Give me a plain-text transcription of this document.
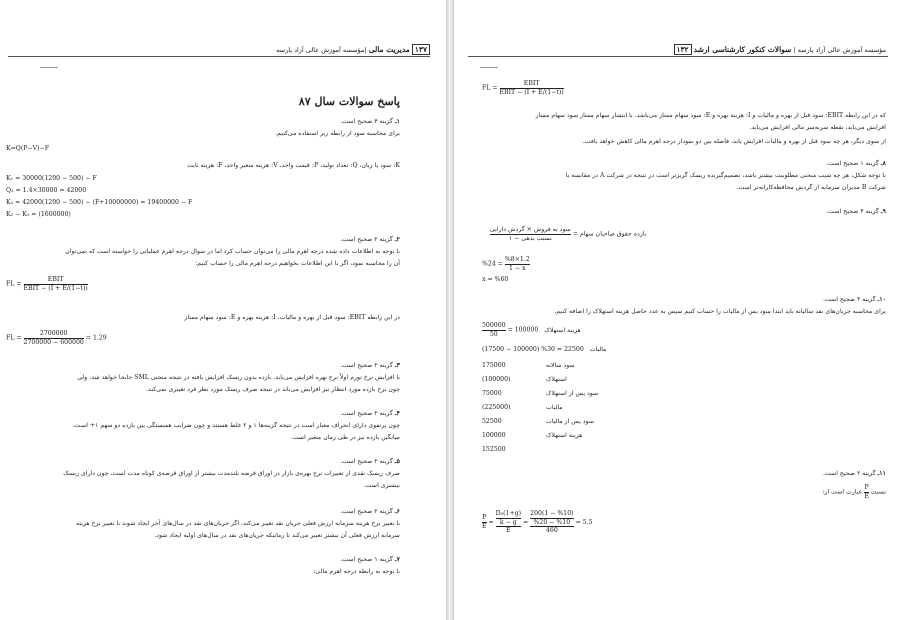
۱۳۷ مدیریت مالی |مؤسسه آموزش عالی آزاد پارسه
پاسخ سوالات سال ۸۷
۱ـ گزینه ۴ صحیح است.
برای محاسبه سود از رابطه زیر استفاده می‌کنیم.
K=Q(P−V)−F
K: سود یا زیان، Q: تعداد تولید، P: قیمت واحد، V: هزینه متغیر واحد، F: هزینه ثابت
K₁ = 30000(1200 − 500) − F
Q₂ = 1.4×30000 = 42000
K₂ = 42000(1200 − 500) − (F+10000000) = 19400000 − F
K₂ − K₁ = (1600000)
۲ـ گزینه ۲ صحیح است.
با توجه به اطلاعات داده شده درجه اهرم مالی را می‌توان حساب کرد اما در سوال درجه اهرم عملیاتی را خواسته است که نمی‌توان
آن را محاسبه نمود، اگر با این اطلاعات بخواهیم درجه اهرم مالی را حساب کنیم:
FL = $\frac{\text{EBIT}}{\text{EBIT − (I + E/(1−t))}}$
در این رابطه EBIT: سود قبل از بهره و مالیات، I: هزینه بهره و E: سود سهام ممتاز
FL = $\frac{2700000}{2700000 - 600000} = 1.29$
۳ـ گزینه ۲ صحیح است.
با افزایش نرخ تورم اولاً نرخ بهره افزایش می‌یابد. بازده بدون ریسک افزایش یافته در نتیجه منحنی SML جابجا خواهد شد، ولی
چون نرخ بازده مورد انتظار نیز افزایش می‌یابد در نتیجه صرف ریسک مورد نظر فرد تغییری نمی‌کند.
۴ـ گزینه ۲ صحیح است.
چون پرتفوی دارای انحراف معیار است در نتیجه گزینه‌ها ۱ و ۲ غلط هستند و چون ضرایب همبستگی بین بازده دو سهم ۱+ است،
میانگین بازده نیز در طی زمان متغیر است.
۵ـ گزینه ۲ صحیح است.
صرف ریسک نقدی از تغییرات نرخ بهره‌ی بازار در اوراق قرضه بلندمدت بیشتر از اوراق قرضه‌ی کوتاه مدت است، چون دارای ریسک
بیشتری است.
۶ـ گزینه ۲ صحیح است.
با تغییر نرخ هزینه سرمایه ارزش فعلی جریان نقد تغییر می‌کند، اگر جریان‌های نقد در سال‌های آخر ایجاد شوند با تغییر نرخ هزینه
سرمایه ارزش فعلی آن بیشتر تغییر می‌کند تا زمانیکه جریان‌های نقد در سال‌های اولیه ایجاد شود.
۷ـ گزینه ۱ صحیح است.
با توجه به رابطه درجه اهرم مالی:
مؤسسه آموزش عالی آزاد پارسه | سوالات کنکور کارشناسی ارشد ۱۳۲
FL = $\frac{\text{EBIT}}{\text{EBIT − (I + E/(1−t))}}$
که در این رابطه EBIT: سود قبل از بهره و مالیات و I: هزینه بهره و E: سود سهام ممتاز می‌باشد. با انتشار سهام ممتاز سود سهام ممتاز
افزایش می‌یابد، نقطه سربه‌سر مالی افزایش می‌یابد.
از سوی دیگر، هر چه سود قبل از بهره و مالیات افزایش یابد، فاصله بین دو نمودار درجه اهرم مالی کاهش خواهد یافت.
۸ـ گزینه ۱ صحیح است.
با توجه شکل، هر چه شیب منحنی مطلوبیت بیشتر باشد، تصمیم‌گیرنده ریسک گریزتر است در نتیجه در شرکت A در مقایسه با
شرکت B مدیران سرمایه از گردش محافظه‌کارانه‌تر است.
۹ـ گزینه ۴ صحیح است.
بازده حقوق صاحبان سهام =
$\frac{\text{سود به فروش × گردش دارایی}}{\text{نسبت بدهی − ۱}}$
$\%24 = \frac{\%8\times 1.2}{1 - x}$
x = %60
۱۰ـ گزینه ۴ صحیح است.
برای محاسبه جریان‌های نقد سالیانه باید ابتدا سود پس از مالیات را حساب کنیم سپس به عدد حاصل هزینه استهلاک را اضافه کنیم.
$\frac{500000}{50} = 100000$ هزینه استهلاک
(17500 − 100000) %30 = 22500 مالیات
175000	سود سالانه
(100000)	استهلاک
75000	سود پس از استهلاک
(225000)	مالیات
52500	سود پس از مالیات
100000	هزینه استهلاک
152500
۱۱ـ گزینه ۲ صحیح است.
نسبت
$\frac{P}{E}$
عبارت است از:
$\frac{P}{E} = \frac{\frac{\text{D₀(1+g)}}{k - g}}{E} = \frac{\frac{200(1 - \%10)}{\%20 - \%10}}{460} = 5.5$
